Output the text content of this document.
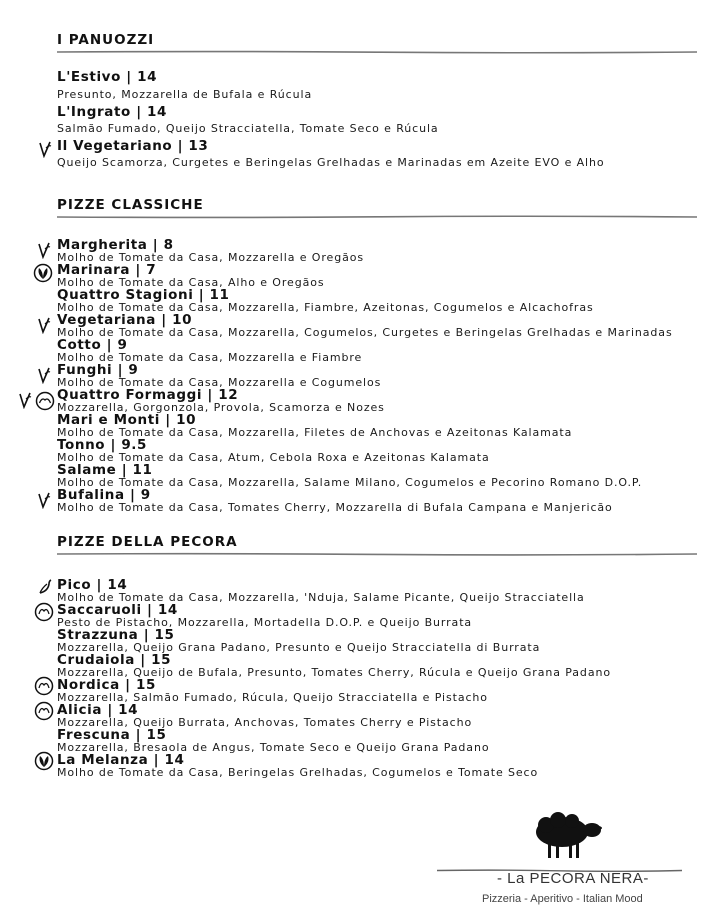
I PANUOZZI
L'Estivo | 14
Presunto, Mozzarella de Bufala e Rúcula
L'Ingrato | 14
Salmão Fumado, Queijo Stracciatella, Tomate Seco e Rúcula
Il Vegetariano | 13
Queijo Scamorza, Curgetes e Beringelas Grelhadas e Marinadas em Azeite EVO e Alho
PIZZE CLASSICHE
Margherita | 8
Molho de Tomate da Casa, Mozzarella e Oregãos
Marinara | 7
Molho de Tomate da Casa, Alho e Oregãos
Quattro Stagioni | 11
Molho de Tomate da Casa, Mozzarella, Fiambre, Azeitonas, Cogumelos e Alcachofras
Vegetariana | 10
Molho de Tomate da Casa, Mozzarella, Cogumelos, Curgetes e Beringelas Grelhadas e Marinadas
Cotto | 9
Molho de Tomate da Casa, Mozzarella e Fiambre
Funghi | 9
Molho de Tomate da Casa, Mozzarella e Cogumelos
Quattro Formaggi | 12
Mozzarella, Gorgonzola, Provola, Scamorza e Nozes
Mari e Monti | 10
Molho de Tomate da Casa, Mozzarella, Filetes de Anchovas e Azeitonas Kalamata
Tonno | 9.5
Molho de Tomate da Casa, Atum, Cebola Roxa e Azeitonas Kalamata
Salame | 11
Molho de Tomate da Casa, Mozzarella, Salame Milano, Cogumelos e Pecorino Romano D.O.P.
Bufalina | 9
Molho de Tomate da Casa, Tomates Cherry, Mozzarella di Bufala Campana e Manjericão
PIZZE DELLA PECORA
Pico | 14
Molho de Tomate da Casa, Mozzarella, 'Nduja, Salame Picante, Queijo Stracciatella
Saccaruoli | 14
Pesto de Pistacho, Mozzarella, Mortadella D.O.P. e Queijo Burrata
Strazzuna | 15
Mozzarella, Queijo Grana Padano, Presunto e Queijo Stracciatella di Burrata
Crudaiola | 15
Mozzarella, Queijo de Bufala, Presunto, Tomates Cherry, Rúcula e Queijo Grana Padano
Nordica | 15
Mozzarella, Salmão Fumado, Rúcula, Queijo Stracciatella e Pistacho
Alicia | 14
Mozzarella, Queijo Burrata, Anchovas, Tomates Cherry e Pistacho
Frescuna | 15
Mozzarella, Bresaola de Angus, Tomate Seco e Queijo Grana Padano
La Melanza | 14
Molho de Tomate da Casa, Beringelas Grelhadas, Cogumelos e Tomate Seco
- La PECORA NERA-
Pizzeria - Aperitivo - Italian Mood
